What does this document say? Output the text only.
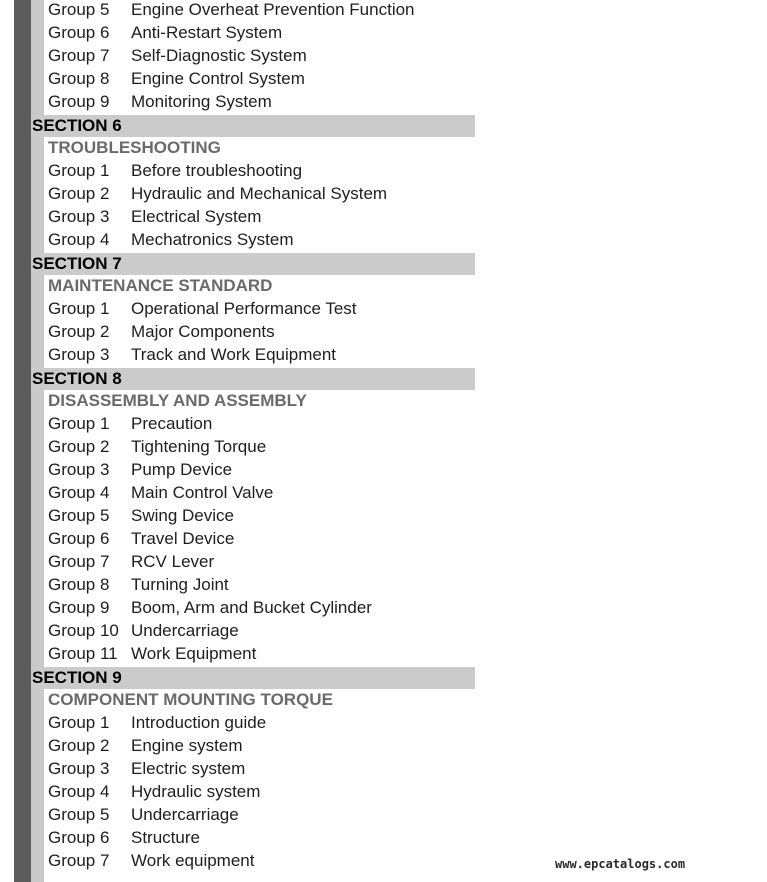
Group 5 Engine Overheat Prevention Function
Group 6 Anti-Restart System
Group 7 Self-Diagnostic System
Group 8 Engine Control System
Group 9 Monitoring System
SECTION 6
TROUBLESHOOTING
Group 1 Before troubleshooting
Group 2 Hydraulic and Mechanical System
Group 3 Electrical System
Group 4 Mechatronics System
SECTION 7
MAINTENANCE STANDARD
Group 1 Operational Performance Test
Group 2 Major Components
Group 3 Track and Work Equipment
SECTION 8
DISASSEMBLY AND ASSEMBLY
Group 1 Precaution
Group 2 Tightening Torque
Group 3 Pump Device
Group 4 Main Control Valve
Group 5 Swing Device
Group 6 Travel Device
Group 7 RCV Lever
Group 8 Turning Joint
Group 9 Boom, Arm and Bucket Cylinder
Group 10 Undercarriage
Group 11 Work Equipment
SECTION 9
COMPONENT MOUNTING TORQUE
Group 1 Introduction guide
Group 2 Engine system
Group 3 Electric system
Group 4 Hydraulic system
Group 5 Undercarriage
Group 6 Structure
Group 7 Work equipment	www.epcatalogs.com
